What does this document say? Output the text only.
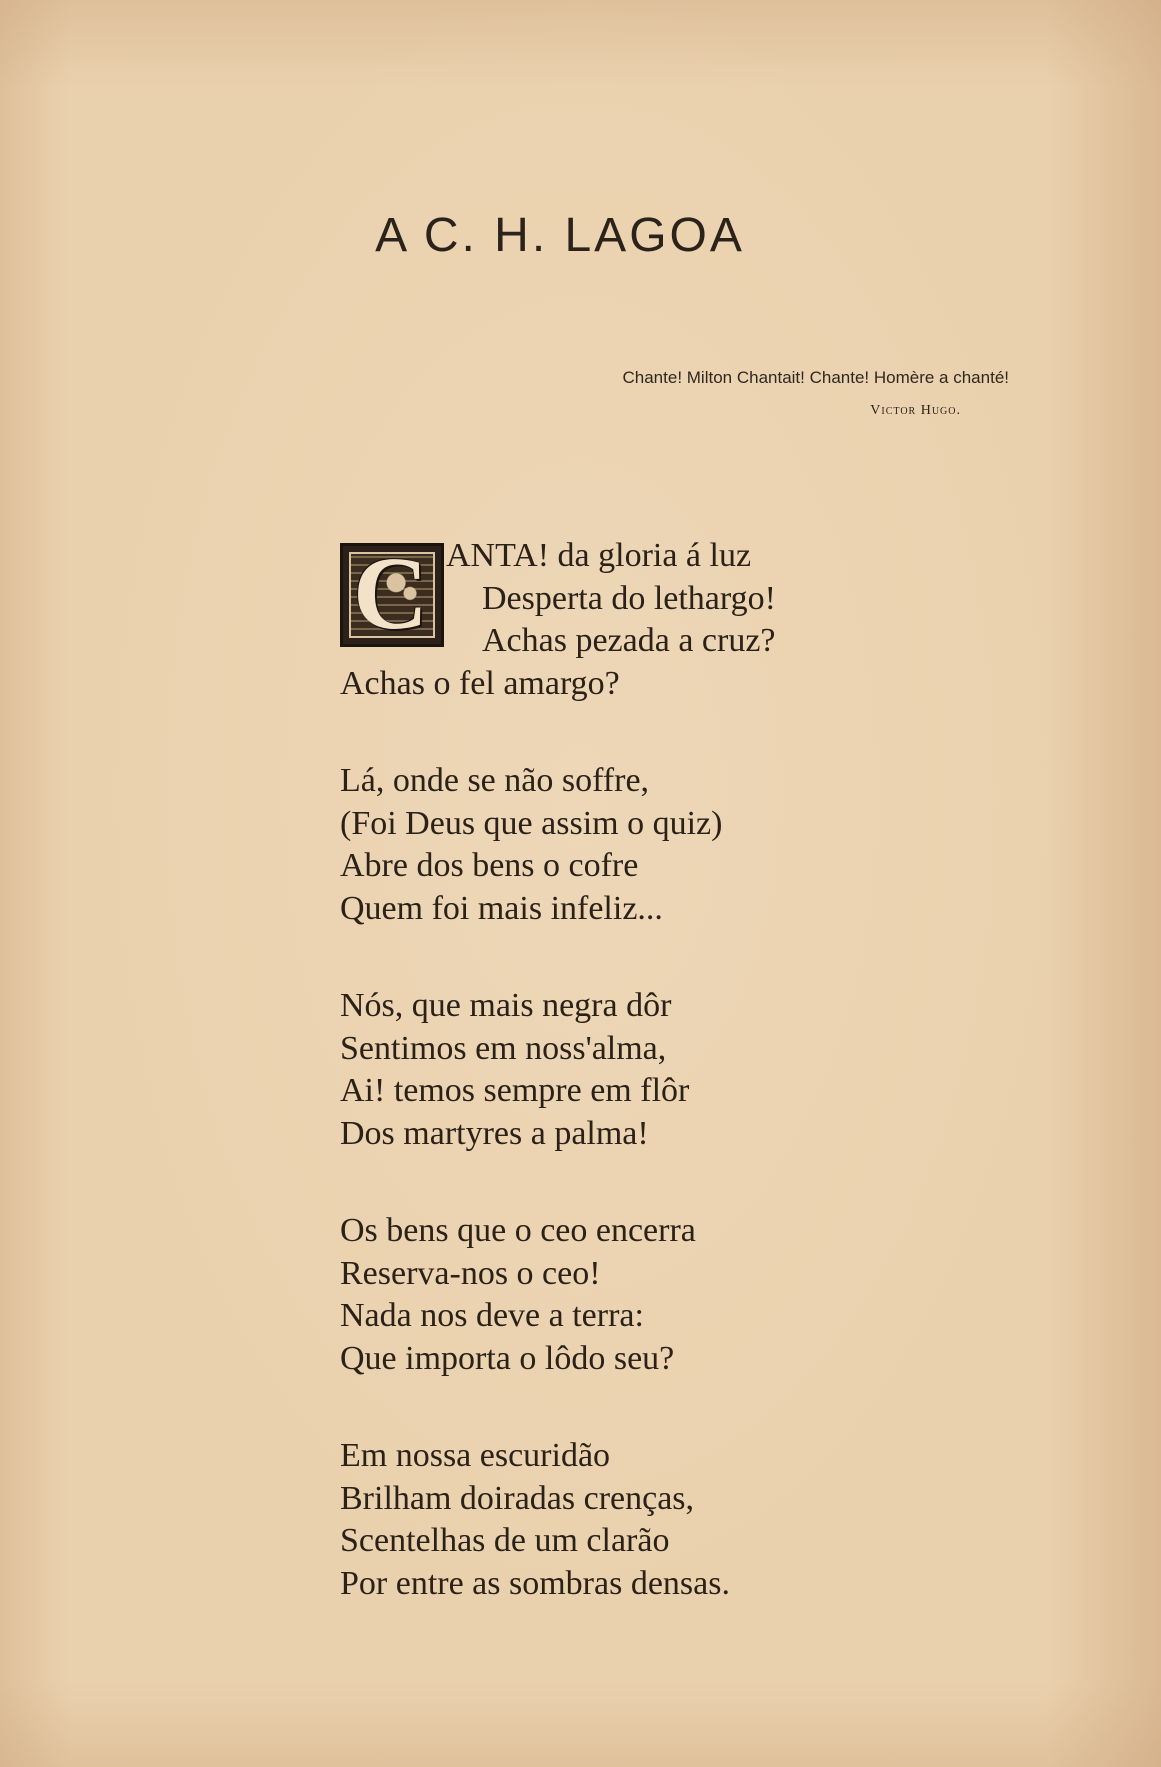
A C. H. LAGOA
Chante! Milton Chantait! Chante! Homère a chanté!
Victor Hugo.
C ANTA! da gloria á luz
Desperta do lethargo!
Achas pezada a cruz?
Achas o fel amargo?
Lá, onde se não soffre,
(Foi Deus que assim o quiz)
Abre dos bens o cofre
Quem foi mais infeliz...
Nós, que mais negra dôr
Sentimos em noss'alma,
Ai! temos sempre em flôr
Dos martyres a palma!
Os bens que o ceo encerra
Reserva-nos o ceo!
Nada nos deve a terra:
Que importa o lôdo seu?
Em nossa escuridão
Brilham doiradas crenças,
Scentelhas de um clarão
Por entre as sombras densas.
